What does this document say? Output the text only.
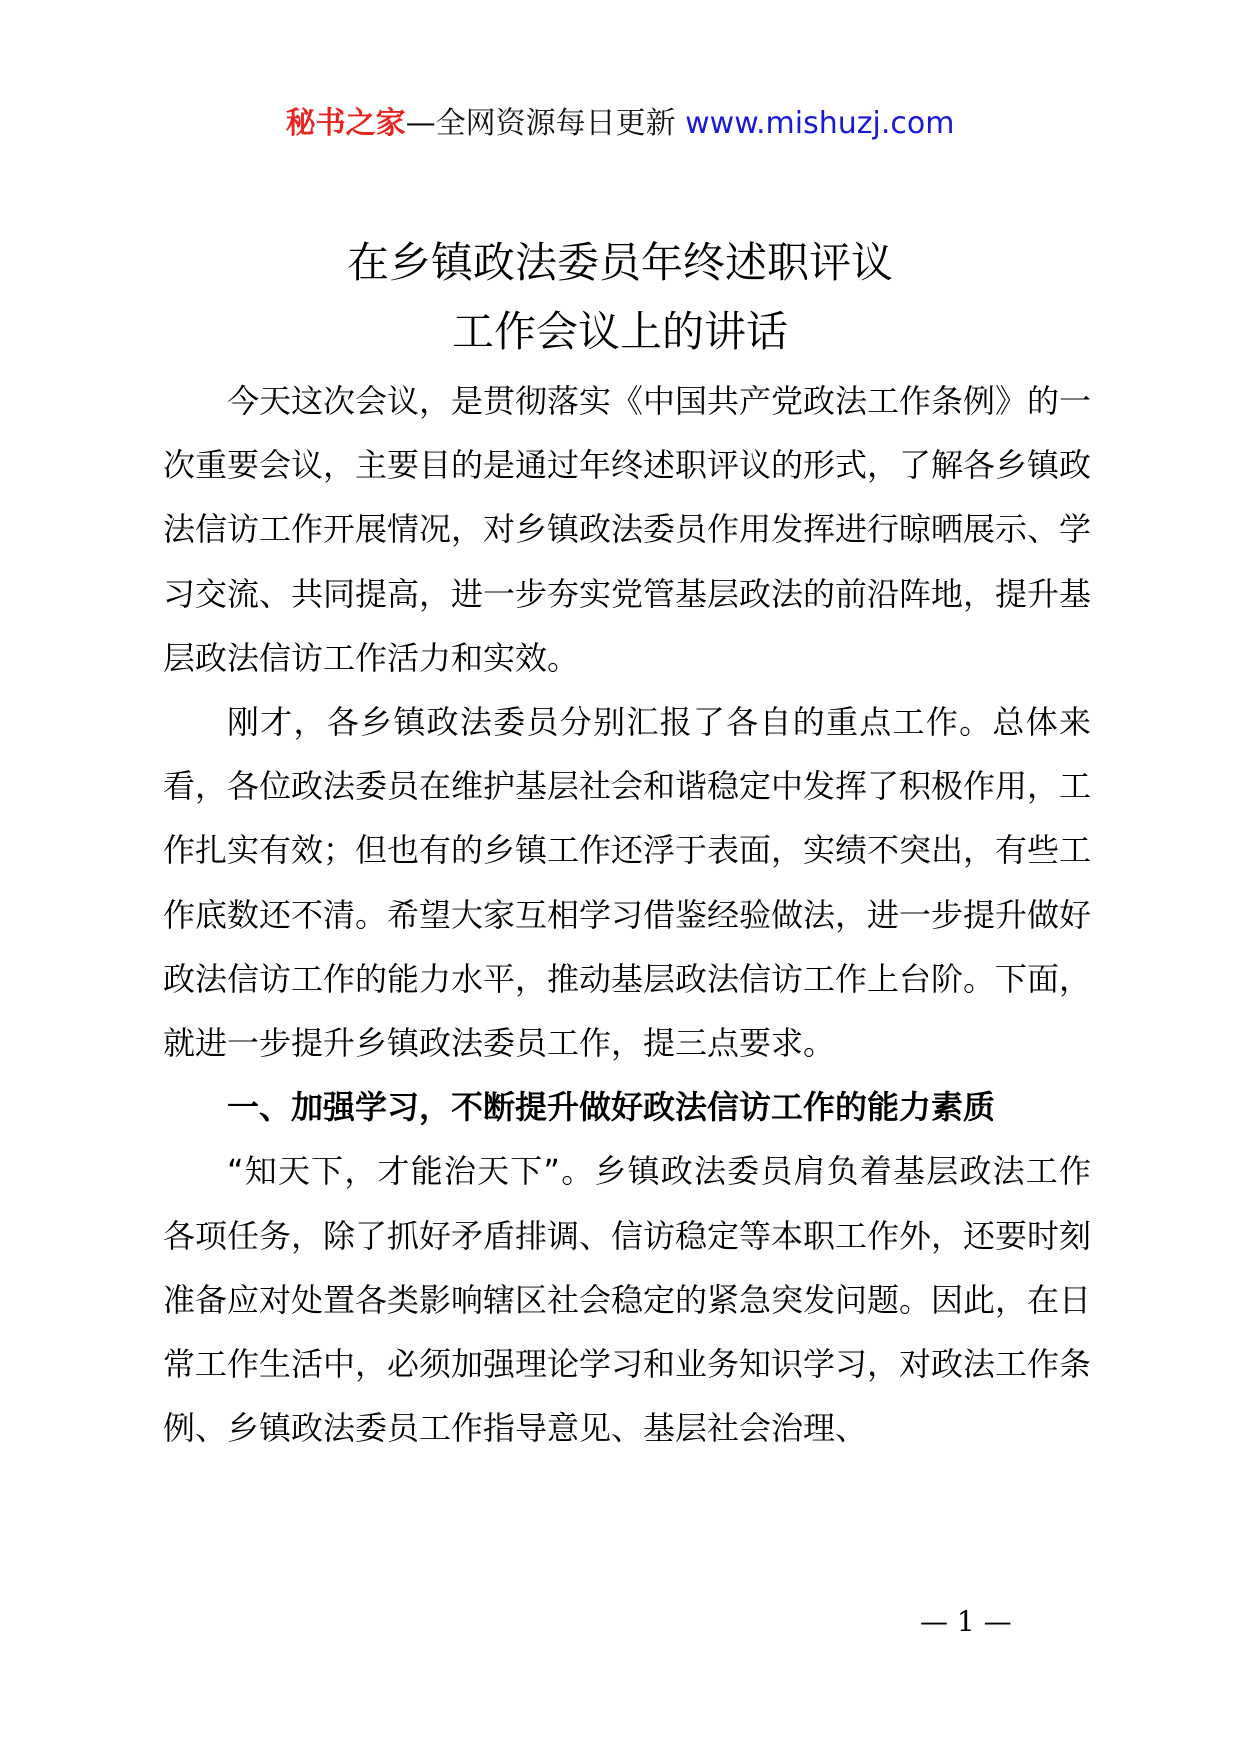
秘书之家—全网资源每日更新 www.mishuzj.com
在乡镇政法委员年终述职评议
工作会议上的讲话

今天这次会议，是贯彻落实《中国共产党政法工作条例》的一次重要会议，主要目的是通过年终述职评议的形式，了解各乡镇政法信访工作开展情况，对乡镇政法委员作用发挥进行晾晒展示、学习交流、共同提高，进一步夯实党管基层政法的前沿阵地，提升基层政法信访工作活力和实效。

刚才，各乡镇政法委员分别汇报了各自的重点工作。总体来看，各位政法委员在维护基层社会和谐稳定中发挥了积极作用，工作扎实有效；但也有的乡镇工作还浮于表面，实绩不突出，有些工作底数还不清。希望大家互相学习借鉴经验做法，进一步提升做好政法信访工作的能力水平，推动基层政法信访工作上台阶。下面，就进一步提升乡镇政法委员工作，提三点要求。

一、加强学习，不断提升做好政法信访工作的能力素质

“知天下，才能治天下”。乡镇政法委员肩负着基层政法工作各项任务，除了抓好矛盾排调、信访稳定等本职工作外，还要时刻准备应对处置各类影响辖区社会稳定的紧急突发问题。因此，在日常工作生活中，必须加强理论学习和业务知识学习，对政法工作条例、乡镇政法委员工作指导意见、基层社会治理、

— 1 —
